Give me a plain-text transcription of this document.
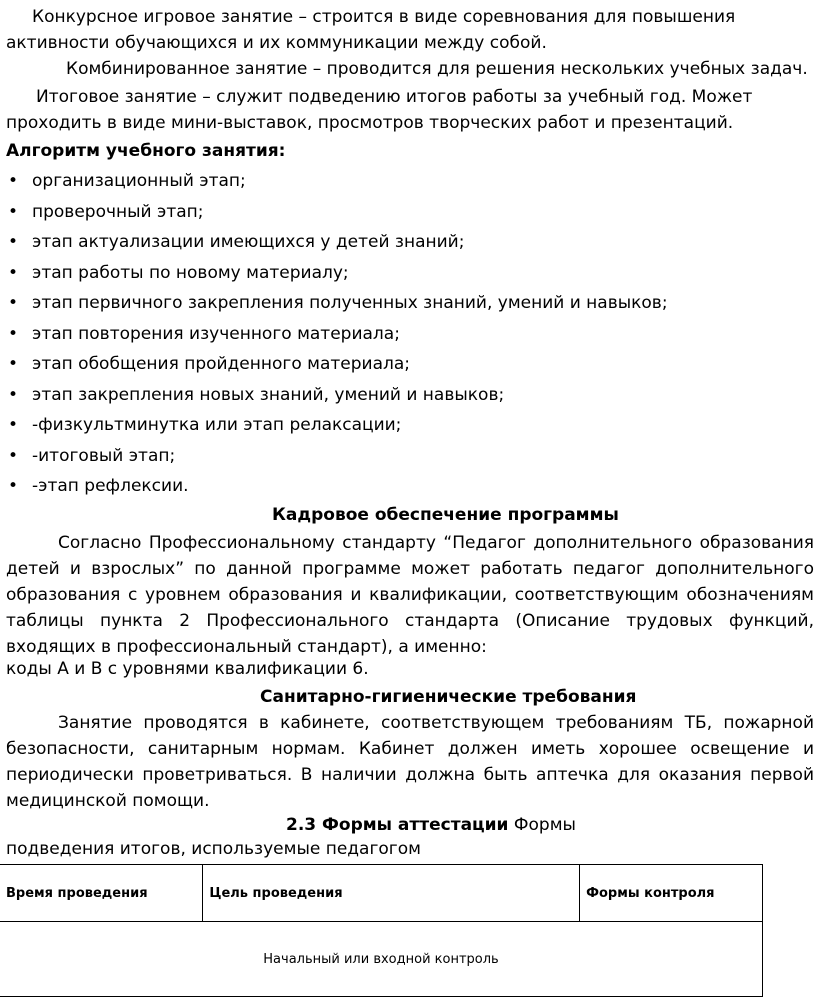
Конкурсное игровое занятие – строится в виде соревнования для повышения активности обучающихся и их коммуникации между собой.

Комбинированное занятие – проводится для решения нескольких учебных задач.

Итоговое занятие – служит подведению итогов работы за учебный год. Может проходить в виде мини-выставок, просмотров творческих работ и презентаций.

Алгоритм учебного занятия:

• организационный этап;
• проверочный этап;
• этап актуализации имеющихся у детей знаний;
• этап работы по новому материалу;
• этап первичного закрепления полученных знаний, умений и навыков;
• этап повторения изученного материала;
• этап обобщения пройденного материала;
• этап закрепления новых знаний, умений и навыков;
• -физкультминутка или этап релаксации;
• -итоговый этап;
• -этап рефлексии.

Кадровое обеспечение программы

Согласно Профессиональному стандарту “Педагог дополнительного образования детей и взрослых” по данной программе может работать педагог дополнительного образования с уровнем образования и квалификации, соответствующим обозначениям таблицы пункта 2 Профессионального стандарта (Описание трудовых функций, входящих в профессиональный стандарт), а именно:

коды А и В с уровнями квалификации 6.

Санитарно-гигиенические требования

Занятие проводятся в кабинете, соответствующем требованиям ТБ, пожарной безопасности, санитарным нормам. Кабинет должен иметь хорошее освещение и периодически проветриваться. В наличии должна быть аптечка для оказания первой медицинской помощи.

2.3 Формы аттестации Формы

подведения итогов, используемые педагогом

Время проведения	Цель проведения	Формы контроля
Начальный или входной контроль
